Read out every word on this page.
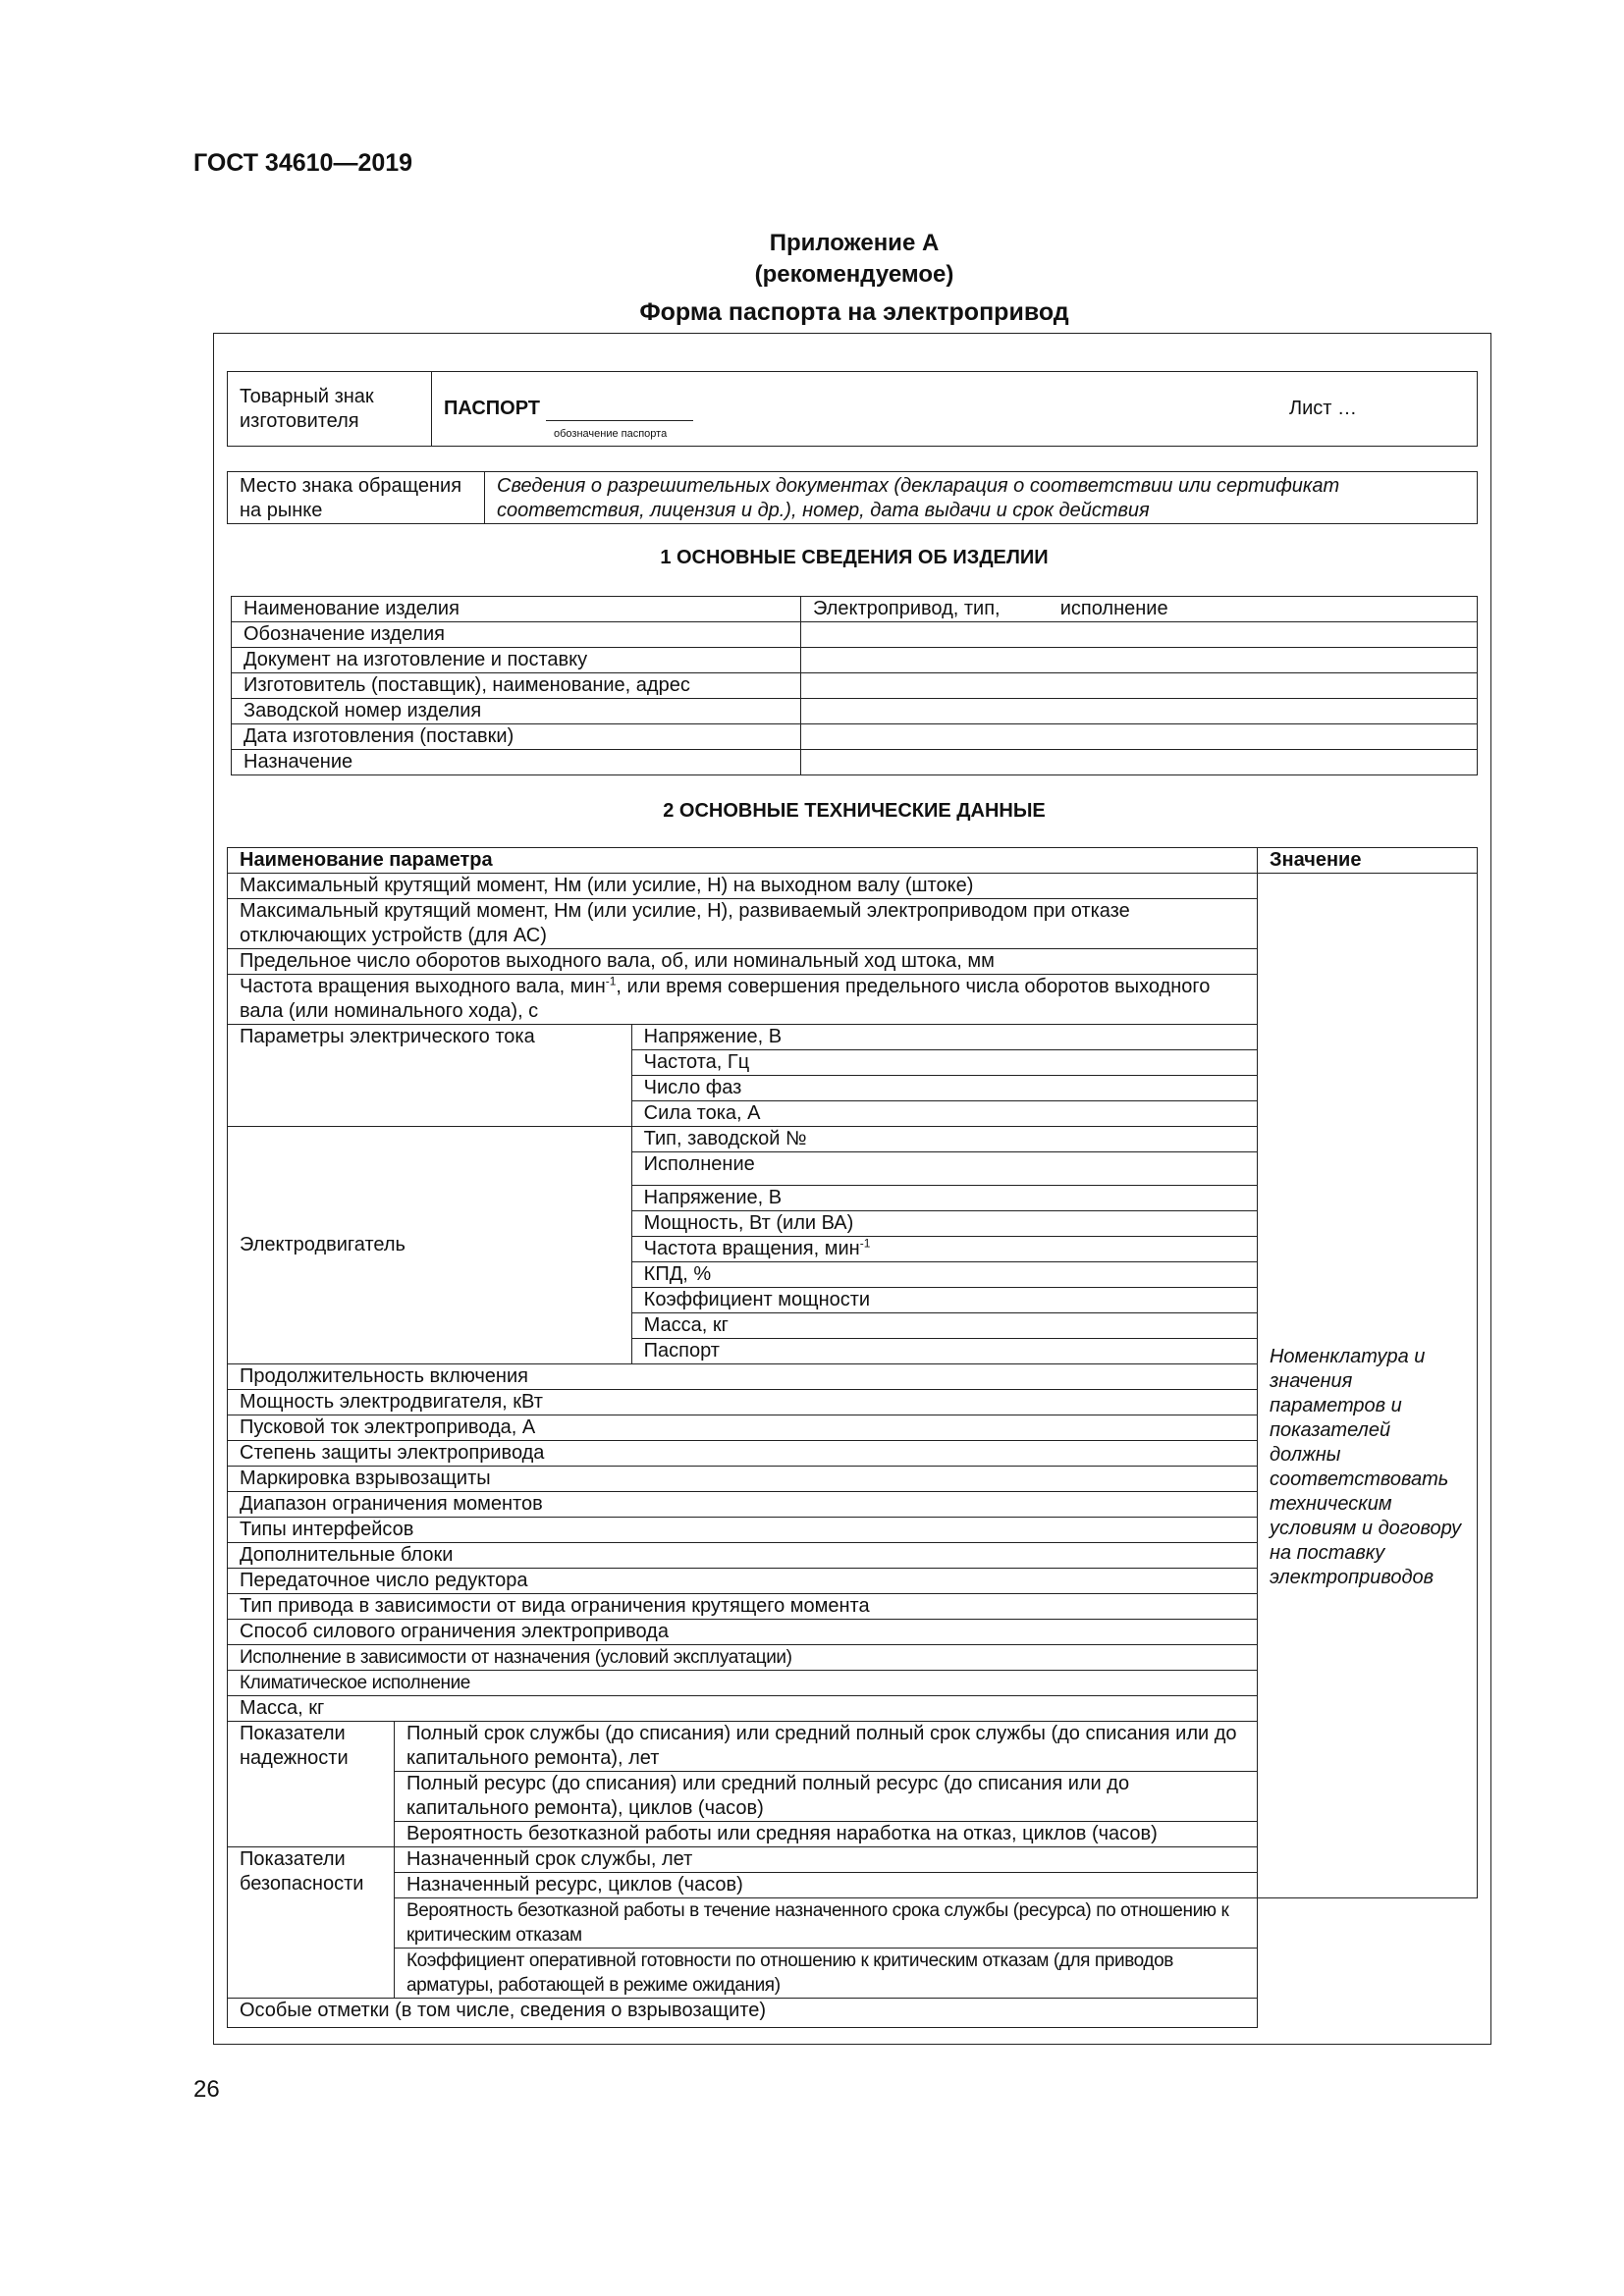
ГОСТ 34610—2019
Приложение А
(рекомендуемое)
Форма паспорта на электропривод
Товарный знак изготовителя	ПАСПОРТ
обозначение паспорта
Лист …
Место знака обращения на рынке	Сведения о разрешительных документах (декларация о соответствии или сертификат соответствия, лицензия и др.), номер, дата выдачи и срок действия
1 ОСНОВНЫЕ СВЕДЕНИЯ ОБ ИЗДЕЛИИ
Наименование изделия	Электропривод, тип,           исполнение
Обозначение изделия	
Документ на изготовление и поставку	
Изготовитель (поставщик), наименование, адрес	
Заводской номер изделия	
Дата изготовления (поставки)	
Назначение	
2 ОСНОВНЫЕ ТЕХНИЧЕСКИЕ ДАННЫЕ
Наименование параметра			Значение
Максимальный крутящий момент, Нм (или усилие, Н) на выходном валу (штоке)			Номенклатура и значения параметров и показателей должны соответствовать техническим условиям и договору на поставку электроприводов
Максимальный крутящий момент, Нм (или усилие, Н), развиваемый электроприводом при отказе отключающих устройств (для АС)			
Предельное число оборотов выходного вала, об, или номинальный ход штока, мм			
Частота вращения выходного вала, мин$^{-1}$, или время совершения предельного числа оборотов выходного вала (или номинального хода), с			
Параметры электрического тока		Напряжение, В	
		Частота, Гц	
		Число фаз	
		Сила тока, А	
Электродвигатель		Тип, заводской №	
		Исполнение	
		Напряжение, В	
		Мощность, Вт (или ВА)	
		Частота вращения, мин$^{-1}$
		КПД, %	
		Коэффициент мощности	
		Масса, кг	
		Паспорт	
Продолжительность включения			
Мощность электродвигателя, кВт			
Пусковой ток электропривода, А			
Степень защиты электропривода			
Маркировка взрывозащиты			
Диапазон ограничения моментов			
Типы интерфейсов			
Дополнительные блоки			
Передаточное число редуктора			
Тип привода в зависимости от вида ограничения крутящего момента			
Способ силового ограничения электропривода			
Исполнение в зависимости от назначения (условий эксплуатации)			
Климатическое исполнение			
Масса, кг			
Показатели надежности	Полный срок службы (до списания) или средний полный срок службы (до списания или до капитального ремонта), лет		
	Полный ресурс (до списания) или средний полный ресурс (до списания или до капитального ремонта), циклов (часов)		
	Вероятность безотказной работы или средняя наработка на отказ, циклов (часов)		
Показатели безопасности	Назначенный срок службы, лет		
	Назначенный ресурс, циклов (часов)		
	Вероятность безотказной работы в течение назначенного срока службы (ресурса) по отношению к критическим отказам		
	Коэффициент оперативной готовности по отношению к критическим отказам (для приводов арматуры, работающей в режиме ожидания)		
Особые отметки (в том числе, сведения о взрывозащите)			
26
